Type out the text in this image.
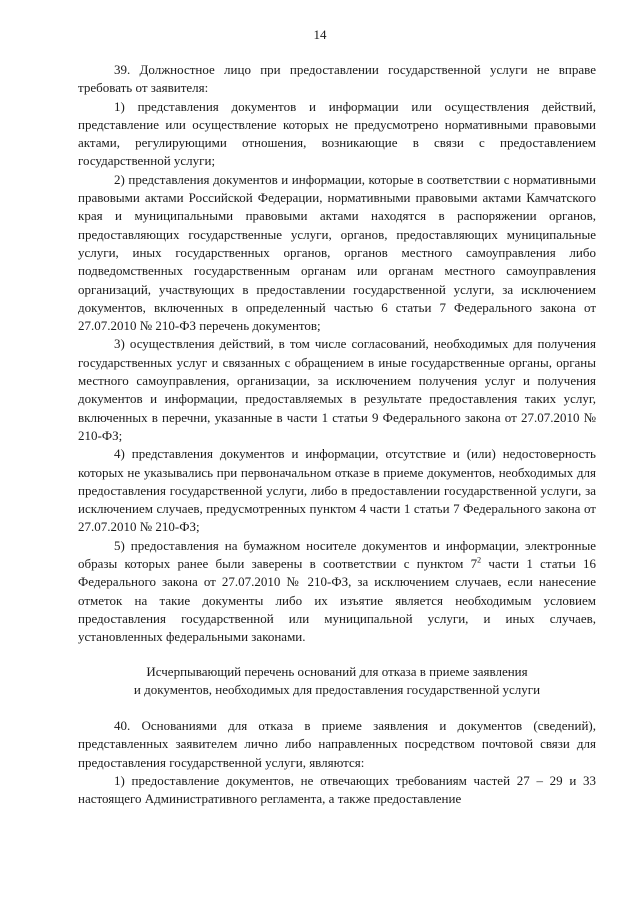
14

39. Должностное лицо при предоставлении государственной услуги не вправе требовать от заявителя:

1) представления документов и информации или осуществления действий, представление или осуществление которых не предусмотрено нормативными правовыми актами, регулирующими отношения, возникающие в связи с предоставлением государственной услуги;

2) представления документов и информации, которые в соответствии с нормативными правовыми актами Российской Федерации, нормативными правовыми актами Камчатского края и муниципальными правовыми актами находятся в распоряжении органов, предоставляющих государственные услуги, органов, предоставляющих муниципальные услуги, иных государственных органов, органов местного самоуправления либо подведомственных государственным органам или органам местного самоуправления организаций, участвующих в предоставлении государственной услуги, за исключением документов, включенных в определенный частью 6 статьи 7 Федерального закона от 27.07.2010 № 210-ФЗ перечень документов;

3) осуществления действий, в том числе согласований, необходимых для получения государственных услуг и связанных с обращением в иные государственные органы, органы местного самоуправления, организации, за исключением получения услуг и получения документов и информации, предоставляемых в результате предоставления таких услуг, включенных в перечни, указанные в части 1 статьи 9 Федерального закона от 27.07.2010 № 210-ФЗ;

4) представления документов и информации, отсутствие и (или) недостоверность которых не указывались при первоначальном отказе в приеме документов, необходимых для предоставления государственной услуги, либо в предоставлении государственной услуги, за исключением случаев, предусмотренных пунктом 4 части 1 статьи 7 Федерального закона от 27.07.2010 № 210-ФЗ;

5) предоставления на бумажном носителе документов и информации, электронные образы которых ранее были заверены в соответствии с пунктом $7^2$ части 1 статьи 16 Федерального закона от 27.07.2010 № 210-ФЗ, за исключением случаев, если нанесение отметок на такие документы либо их изъятие является необходимым условием предоставления государственной или муниципальной услуги, и иных случаев, установленных федеральными законами.

Исчерпывающий перечень оснований для отказа в приеме заявления
и документов, необходимых для предоставления государственной услуги

40. Основаниями для отказа в приеме заявления и документов (сведений), представленных заявителем лично либо направленных посредством почтовой связи для предоставления государственной услуги, являются:

1) предоставление документов, не отвечающих требованиям частей 27 – 29 и 33 настоящего Административного регламента, а также предоставление
